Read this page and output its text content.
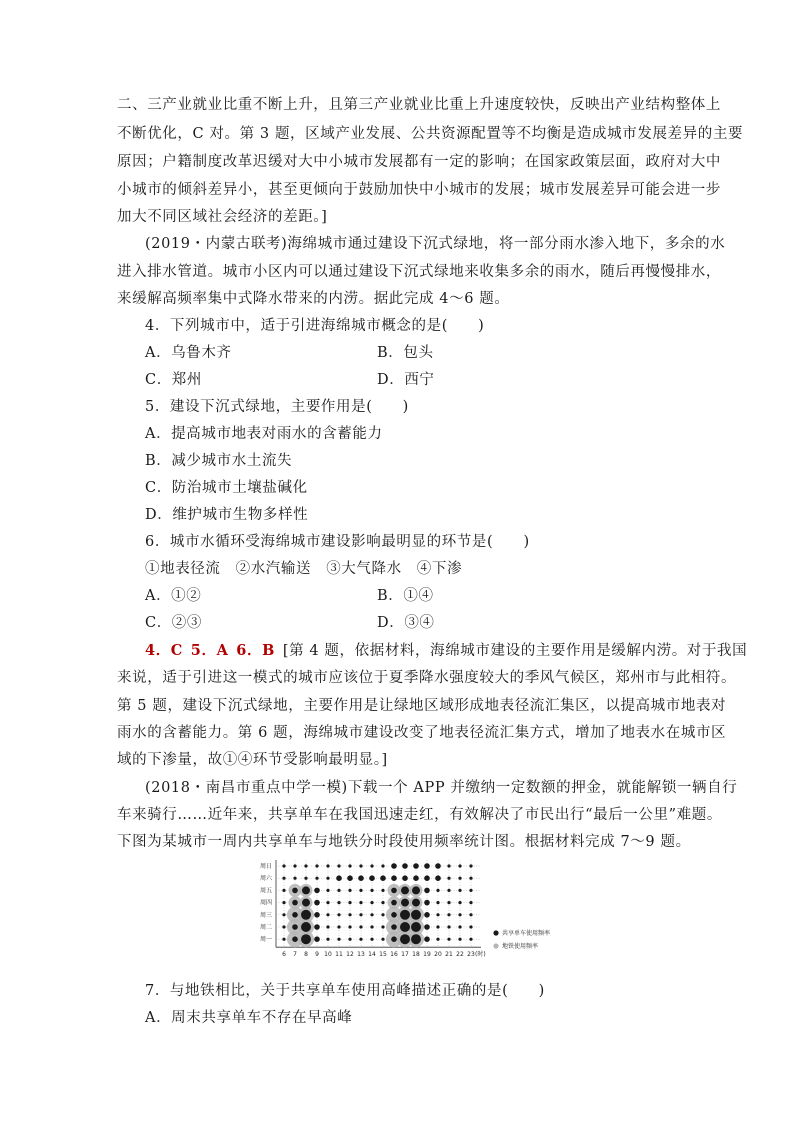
二、三产业就业比重不断上升，且第三产业就业比重上升速度较快，反映出产业结构整体上
不断优化，C 对。第 3 题，区域产业发展、公共资源配置等不均衡是造成城市发展差异的主要
原因；户籍制度改革迟缓对大中小城市发展都有一定的影响；在国家政策层面，政府对大中
小城市的倾斜差异小，甚至更倾向于鼓励加快中小城市的发展；城市发展差异可能会进一步
加大不同区域社会经济的差距。]
(2019・内蒙古联考)海绵城市通过建设下沉式绿地，将一部分雨水渗入地下，多余的水
进入排水管道。城市小区内可以通过建设下沉式绿地来收集多余的雨水，随后再慢慢排水，
来缓解高频率集中式降水带来的内涝。据此完成 4～6 题。
4．下列城市中，适于引进海绵城市概念的是(　　)
A．乌鲁木齐	B．包头
C．郑州	D．西宁
5．建设下沉式绿地，主要作用是(　　)
A．提高城市地表对雨水的含蓄能力
B．减少城市水土流失
C．防治城市土壤盐碱化
D．维护城市生物多样性
6．城市水循环受海绵城市建设影响最明显的环节是(　　)
①地表径流　②水汽输送　③大气降水　④下渗
A．①②	B．①④
C．②③	D．③④
4．C  5．A  6．B  [第 4 题，依据材料，海绵城市建设的主要作用是缓解内涝。对于我国
来说，适于引进这一模式的城市应该位于夏季降水强度较大的季风气候区，郑州市与此相符。
第 5 题，建设下沉式绿地，主要作用是让绿地区域形成地表径流汇集区，以提高城市地表对
雨水的含蓄能力。第 6 题，海绵城市建设改变了地表径流汇集方式，增加了地表水在城市区
域的下渗量，故①④环节受影响最明显。]
(2018・南昌市重点中学一模)下载一个 APP 并缴纳一定数额的押金，就能解锁一辆自行
车来骑行……近年来，共享单车在我国迅速走红，有效解决了市民出行“最后一公里”难题。
下图为某城市一周内共享单车与地铁分时段使用频率统计图。根据材料完成 7～9 题。
周日
周六
周五
周四
周三
周二
周一
6 7 8 9 10 11 12 13 14 15 16 17 18 19 20 21 22 23 (时)
共享单车使用频率
地铁使用频率
7．与地铁相比，关于共享单车使用高峰描述正确的是(　　)
A．周末共享单车不存在早高峰
